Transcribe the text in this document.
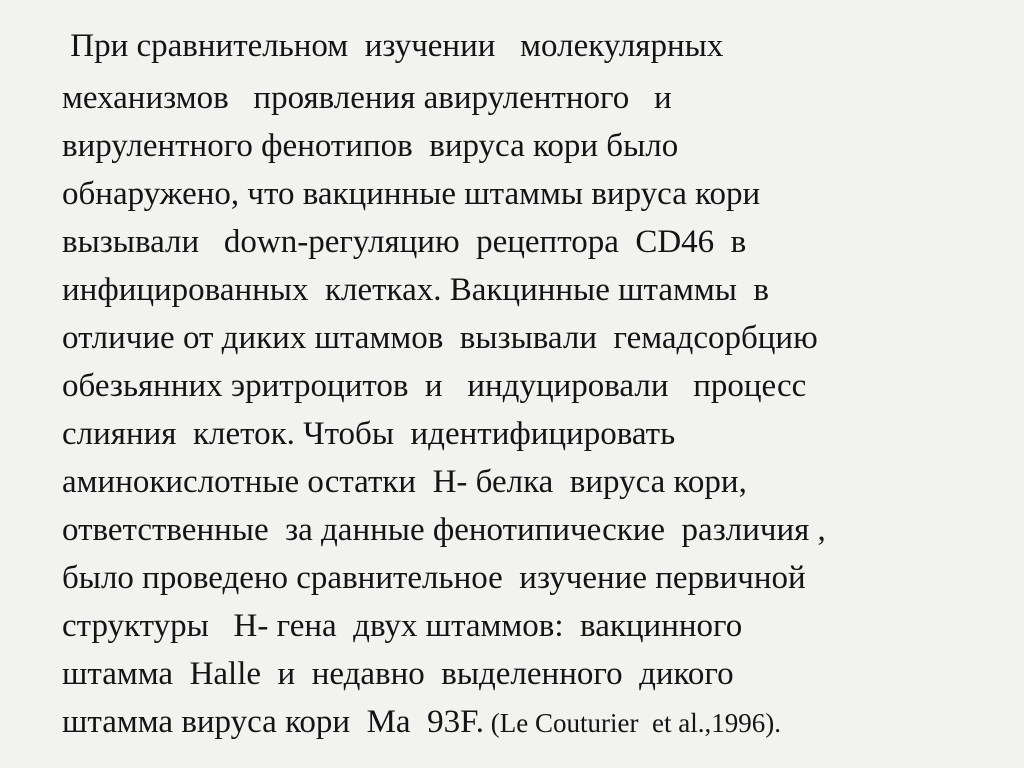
При сравнительном  изучении   молекулярных
механизмов   проявления авирулентного   и
вирулентного фенотипов  вируса кори было
обнаружено, что вакцинные штаммы вируса кори
вызывали   down-регуляцию  рецептора  CD46  в
инфицированных  клетках. Вакцинные штаммы  в
отличие от диких штаммов  вызывали  гемадсорбцию
обезьянних эритроцитов  и   индуцировали   процесс
слияния  клеток. Чтобы  идентифицировать
аминокислотные остатки  Н- белка  вируса кори,
ответственные  за данные фенотипические  различия ,
было проведено сравнительное  изучение первичной
структуры   Н- гена  двух штаммов:  вакцинного
штамма  Halle  и  недавно  выделенного  дикого
штамма вируса кори  Ma  93F. (Le Couturier  et al.,1996).
